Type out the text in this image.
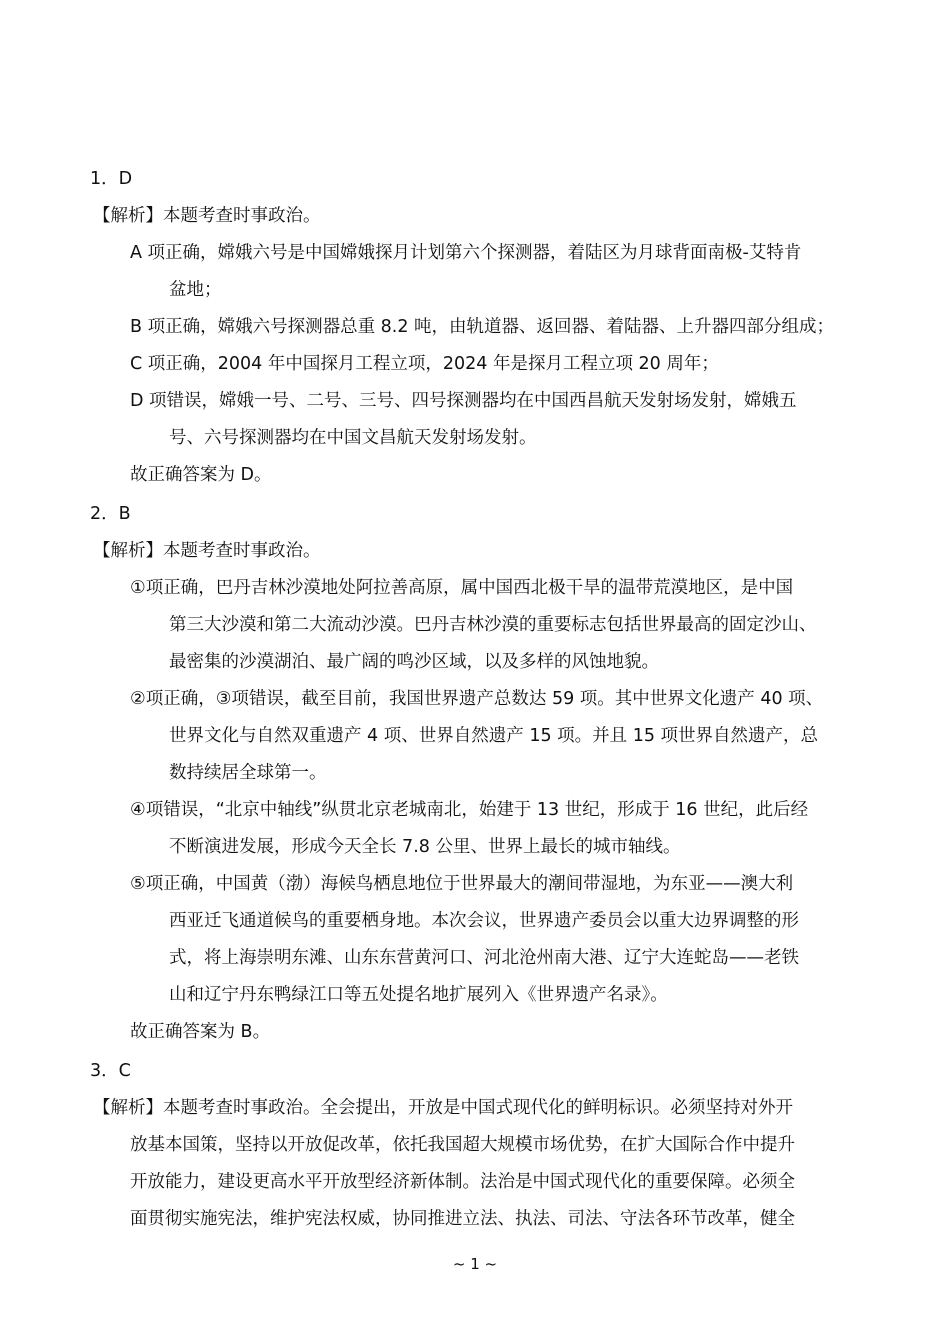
1．D
【解析】本题考查时事政治。
A 项正确，嫦娥六号是中国嫦娥探月计划第六个探测器，着陆区为月球背面南极-艾特肯
盆地；
B 项正确，嫦娥六号探测器总重 8.2 吨，由轨道器、返回器、着陆器、上升器四部分组成；
C 项正确，2004 年中国探月工程立项，2024 年是探月工程立项 20 周年；
D 项错误，嫦娥一号、二号、三号、四号探测器均在中国西昌航天发射场发射，嫦娥五
号、六号探测器均在中国文昌航天发射场发射。
故正确答案为 D。
2．B
【解析】本题考查时事政治。
①项正确，巴丹吉林沙漠地处阿拉善高原，属中国西北极干旱的温带荒漠地区，是中国
第三大沙漠和第二大流动沙漠。巴丹吉林沙漠的重要标志包括世界最高的固定沙山、
最密集的沙漠湖泊、最广阔的鸣沙区域，以及多样的风蚀地貌。
②项正确，③项错误，截至目前，我国世界遗产总数达 59 项。其中世界文化遗产 40 项、
世界文化与自然双重遗产 4 项、世界自然遗产 15 项。并且 15 项世界自然遗产，总
数持续居全球第一。
④项错误，“北京中轴线”纵贯北京老城南北，始建于 13 世纪，形成于 16 世纪，此后经
不断演进发展，形成今天全长 7.8 公里、世界上最长的城市轴线。
⑤项正确，中国黄（渤）海候鸟栖息地位于世界最大的潮间带湿地，为东亚——澳大利
西亚迁飞通道候鸟的重要栖身地。本次会议，世界遗产委员会以重大边界调整的形
式，将上海崇明东滩、山东东营黄河口、河北沧州南大港、辽宁大连蛇岛——老铁
山和辽宁丹东鸭绿江口等五处提名地扩展列入《世界遗产名录》。
故正确答案为 B。
3．C
【解析】本题考查时事政治。全会提出，开放是中国式现代化的鲜明标识。必须坚持对外开
放基本国策，坚持以开放促改革，依托我国超大规模市场优势，在扩大国际合作中提升
开放能力，建设更高水平开放型经济新体制。法治是中国式现代化的重要保障。必须全
面贯彻实施宪法，维护宪法权威，协同推进立法、执法、司法、守法各环节改革，健全
~ 1 ~
